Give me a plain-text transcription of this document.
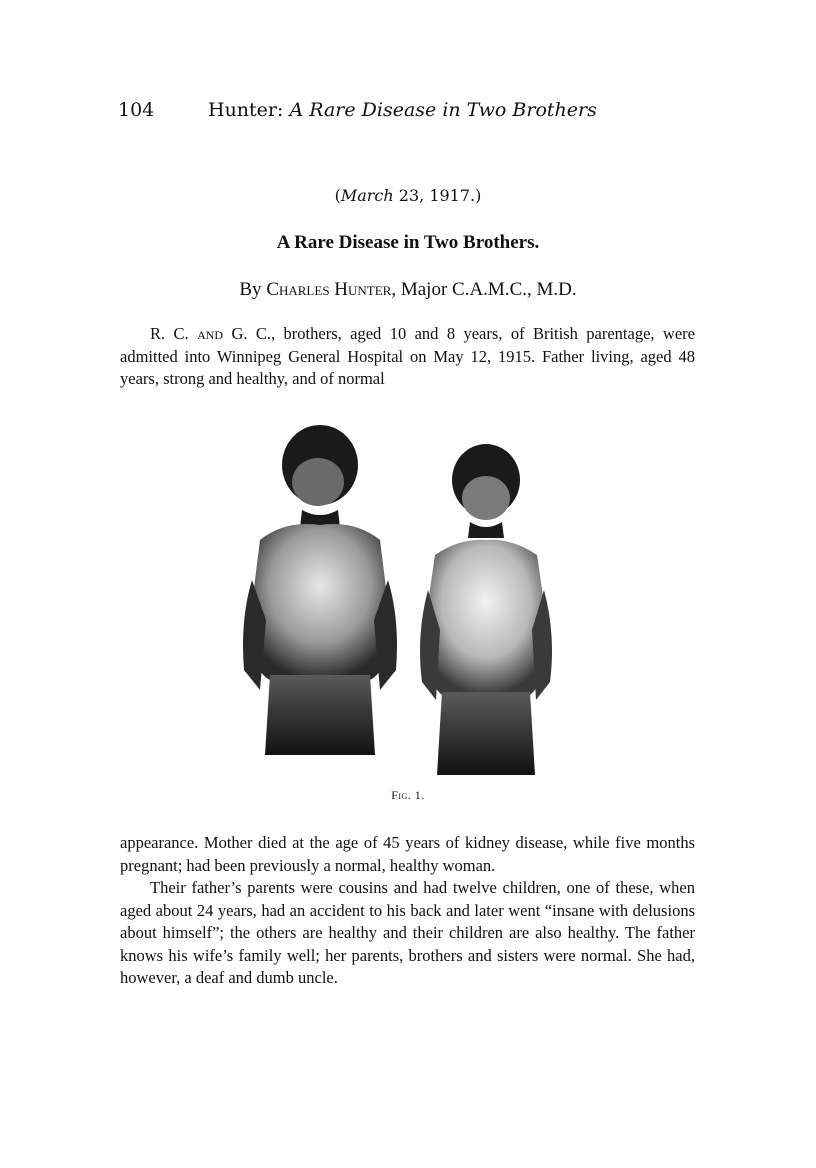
104	Hunter: A Rare Disease in Two Brothers
(March 23, 1917.)
A Rare Disease in Two Brothers.
By Charles Hunter, Major C.A.M.C., M.D.

R. C. and G. C., brothers, aged 10 and 8 years, of British parentage, were admitted into Winnipeg General Hospital on May 12, 1915. Father living, aged 48 years, strong and healthy, and of normal

Fig. 1.

appearance. Mother died at the age of 45 years of kidney disease, while five months pregnant; had been previously a normal, healthy woman.

Their father’s parents were cousins and had twelve children, one of these, when aged about 24 years, had an accident to his back and later went “insane with delusions about himself”; the others are healthy and their children are also healthy. The father knows his wife’s family well; her parents, brothers and sisters were normal. She had, however, a deaf and dumb uncle.
